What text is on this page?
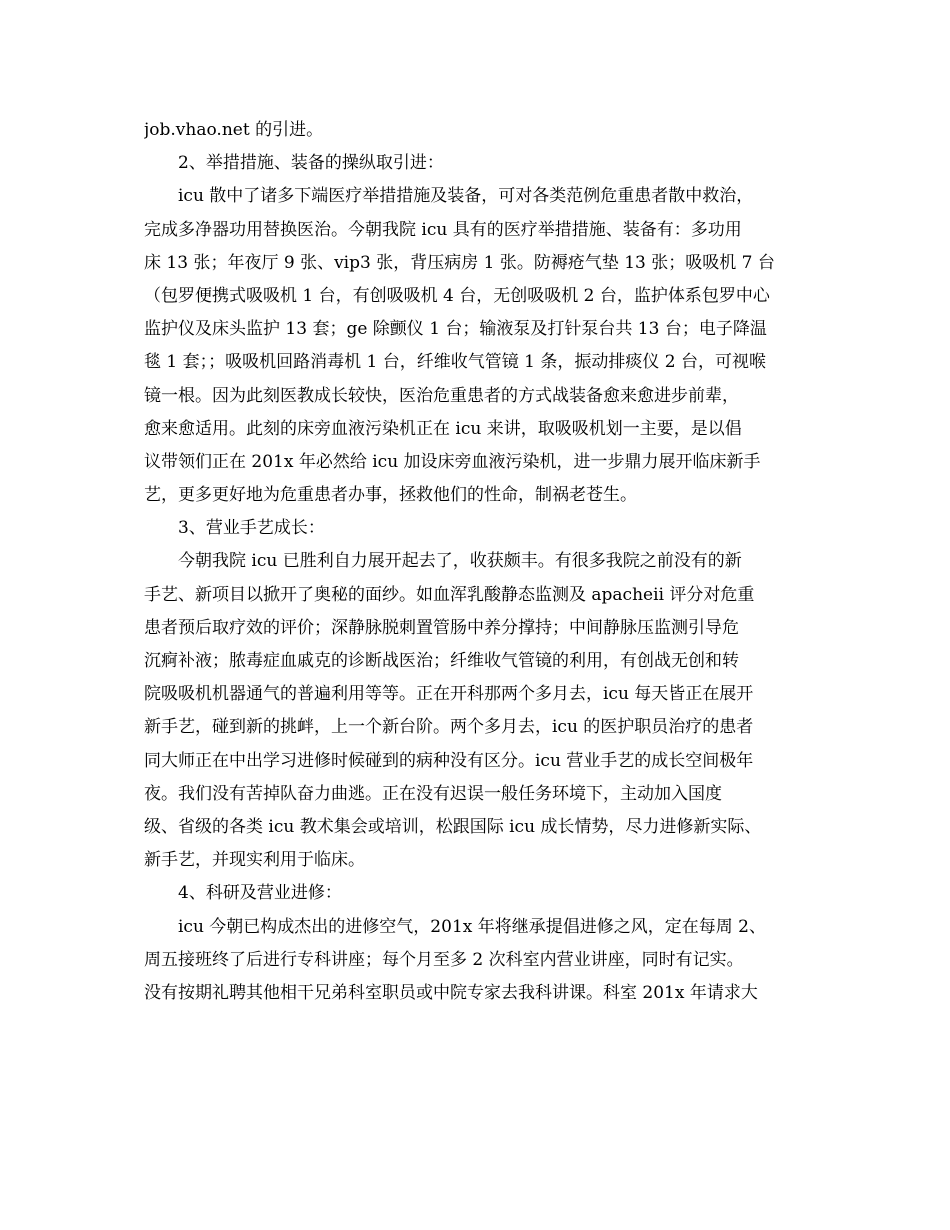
job.vhao.net 的引进。
2、举措措施、装备的操纵取引进：
icu 散中了诸多下端医疗举措措施及装备，可对各类范例危重患者散中救治，
完成多净器功用替换医治。今朝我院 icu 具有的医疗举措措施、装备有：多功用
床 13 张；年夜厅 9 张、vip3 张，背压病房 1 张。防褥疮气垫 13 张；吸吸机 7 台
（包罗便携式吸吸机 1 台，有创吸吸机 4 台，无创吸吸机 2 台，监护体系包罗中心
监护仪及床头监护 13 套；ge 除颤仪 1 台；输液泵及打针泵台共 13 台；电子降温
毯 1 套；；吸吸机回路消毒机 1 台，纤维收气管镜 1 条，振动排痰仪 2 台，可视喉
镜一根。因为此刻医教成长较快，医治危重患者的方式战装备愈来愈进步前辈，
愈来愈适用。此刻的床旁血液污染机正在 icu 来讲，取吸吸机划一主要，是以倡
议带领们正在 201x 年必然给 icu 加设床旁血液污染机，进一步鼎力展开临床新手
艺，更多更好地为危重患者办事，拯救他们的性命，制祸老苍生。
3、营业手艺成长：
今朝我院 icu 已胜利自力展开起去了，收获颇丰。有很多我院之前没有的新
手艺、新项目以掀开了奥秘的面纱。如血浑乳酸静态监测及 apacheⅱ 评分对危重
患者预后取疗效的评价；深静脉脱刺置管肠中养分撑持；中间静脉压监测引导危
沉痾补液；脓毒症血戚克的诊断战医治；纤维收气管镜的利用，有创战无创和转
院吸吸机机器通气的普遍利用等等。正在开科那两个多月去，icu 每天皆正在展开
新手艺，碰到新的挑衅，上一个新台阶。两个多月去，icu 的医护职员治疗的患者
同大师正在中出学习进修时候碰到的病种没有区分。icu 营业手艺的成长空间极年
夜。我们没有苦掉队奋力曲逃。正在没有迟误一般任务环境下，主动加入国度
级、省级的各类 icu 教术集会或培训，松跟国际 icu 成长情势，尽力进修新实际、
新手艺，并现实利用于临床。
4、科研及营业进修：
icu 今朝已构成杰出的进修空气，201x 年将继承提倡进修之风，定在每周 2、
周五接班终了后进行专科讲座；每个月至多 2 次科室内营业讲座，同时有记实。
没有按期礼聘其他相干兄弟科室职员或中院专家去我科讲课。科室 201x 年请求大
